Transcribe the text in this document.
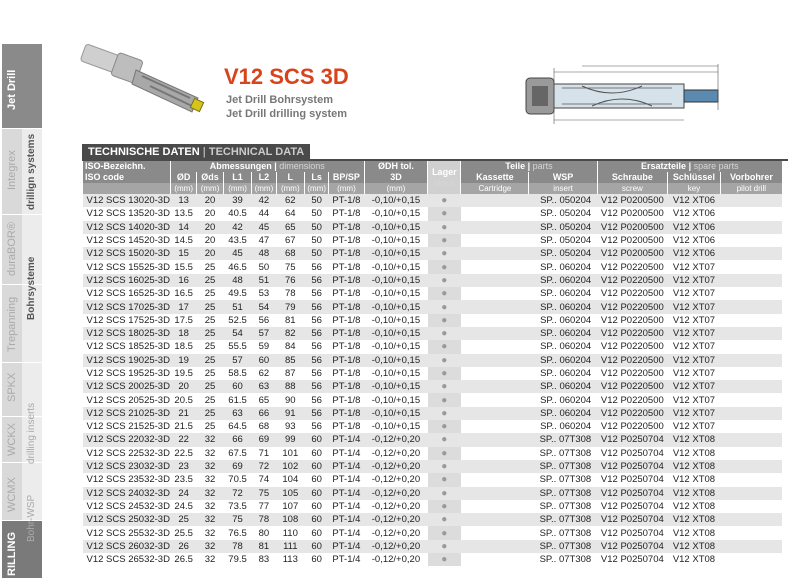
Jet Drill
Integrex
duraBOR®
Trepanning
SPKX
WCKX
WCMX
RILLING
drillign systems
Bohrsysteme
drilling inserts
Bohr-WSP
V12 SCS 3D
Jet Drill Bohrsystem
Jet Drill drilling system
TECHNISCHE DATEN | TECHNICAL DATA
ISO-Bezeichn.
ISO code	Abmessungen | dimensions							ØDH tol.	Lager
stock	Teile | parts		Ersatzteile | spare parts		
	ØD	Øds	L1	L2	L	Ls	BP/SP	3D		Kassette	WSP	Schraube	Schlüssel	Vorbohrer
	(mm)	(mm)	(mm)	(mm)	(mm)	(mm)	(mm)	(mm)		Cartridge	insert	screw	key	pilot drill
V12 SCS 13020-3D	13	20	39	42	62	50	PT-1/8	-0,10/+0,15	●		SP.. 050204	V12 P0200500	V12 XT06	
V12 SCS 13520-3D	13.5	20	40.5	44	64	50	PT-1/8	-0,10/+0,15	●		SP.. 050204	V12 P0200500	V12 XT06	
V12 SCS 14020-3D	14	20	42	45	65	50	PT-1/8	-0,10/+0,15	●		SP.. 050204	V12 P0200500	V12 XT06	
V12 SCS 14520-3D	14.5	20	43.5	47	67	50	PT-1/8	-0,10/+0,15	●		SP.. 050204	V12 P0200500	V12 XT06	
V12 SCS 15020-3D	15	20	45	48	68	50	PT-1/8	-0,10/+0,15	●		SP.. 050204	V12 P0200500	V12 XT06	
V12 SCS 15525-3D	15.5	25	46.5	50	75	56	PT-1/8	-0,10/+0,15	●		SP.. 060204	V12 P0220500	V12 XT07	
V12 SCS 16025-3D	16	25	48	51	76	56	PT-1/8	-0,10/+0,15	●		SP.. 060204	V12 P0220500	V12 XT07	
V12 SCS 16525-3D	16.5	25	49.5	53	78	56	PT-1/8	-0,10/+0,15	●		SP.. 060204	V12 P0220500	V12 XT07	
V12 SCS 17025-3D	17	25	51	54	79	56	PT-1/8	-0,10/+0,15	●		SP.. 060204	V12 P0220500	V12 XT07	
V12 SCS 17525-3D	17.5	25	52.5	56	81	56	PT-1/8	-0,10/+0,15	●		SP.. 060204	V12 P0220500	V12 XT07	
V12 SCS 18025-3D	18	25	54	57	82	56	PT-1/8	-0,10/+0,15	●		SP.. 060204	V12 P0220500	V12 XT07	
V12 SCS 18525-3D	18.5	25	55.5	59	84	56	PT-1/8	-0,10/+0,15	●		SP.. 060204	V12 P0220500	V12 XT07	
V12 SCS 19025-3D	19	25	57	60	85	56	PT-1/8	-0,10/+0,15	●		SP.. 060204	V12 P0220500	V12 XT07	
V12 SCS 19525-3D	19.5	25	58.5	62	87	56	PT-1/8	-0,10/+0,15	●		SP.. 060204	V12 P0220500	V12 XT07	
V12 SCS 20025-3D	20	25	60	63	88	56	PT-1/8	-0,10/+0,15	●		SP.. 060204	V12 P0220500	V12 XT07	
V12 SCS 20525-3D	20.5	25	61.5	65	90	56	PT-1/8	-0,10/+0,15	●		SP.. 060204	V12 P0220500	V12 XT07	
V12 SCS 21025-3D	21	25	63	66	91	56	PT-1/8	-0,10/+0,15	●		SP.. 060204	V12 P0220500	V12 XT07	
V12 SCS 21525-3D	21.5	25	64.5	68	93	56	PT-1/8	-0,10/+0,15	●		SP.. 060204	V12 P0220500	V12 XT07	
V12 SCS 22032-3D	22	32	66	69	99	60	PT-1/4	-0,12/+0,20	●		SP.. 07T308	V12 P0250704	V12 XT08	
V12 SCS 22532-3D	22.5	32	67.5	71	101	60	PT-1/4	-0,12/+0,20	●		SP.. 07T308	V12 P0250704	V12 XT08	
V12 SCS 23032-3D	23	32	69	72	102	60	PT-1/4	-0,12/+0,20	●		SP.. 07T308	V12 P0250704	V12 XT08	
V12 SCS 23532-3D	23.5	32	70.5	74	104	60	PT-1/4	-0,12/+0,20	●		SP.. 07T308	V12 P0250704	V12 XT08	
V12 SCS 24032-3D	24	32	72	75	105	60	PT-1/4	-0,12/+0,20	●		SP.. 07T308	V12 P0250704	V12 XT08	
V12 SCS 24532-3D	24.5	32	73.5	77	107	60	PT-1/4	-0,12/+0,20	●		SP.. 07T308	V12 P0250704	V12 XT08	
V12 SCS 25032-3D	25	32	75	78	108	60	PT-1/4	-0,12/+0,20	●		SP.. 07T308	V12 P0250704	V12 XT08	
V12 SCS 25532-3D	25.5	32	76.5	80	110	60	PT-1/4	-0,12/+0,20	●		SP.. 07T308	V12 P0250704	V12 XT08	
V12 SCS 26032-3D	26	32	78	81	111	60	PT-1/4	-0,12/+0,20	●		SP.. 07T308	V12 P0250704	V12 XT08	
V12 SCS 26532-3D	26.5	32	79.5	83	113	60	PT-1/4	-0,12/+0,20	●		SP.. 07T308	V12 P0250704	V12 XT08	
